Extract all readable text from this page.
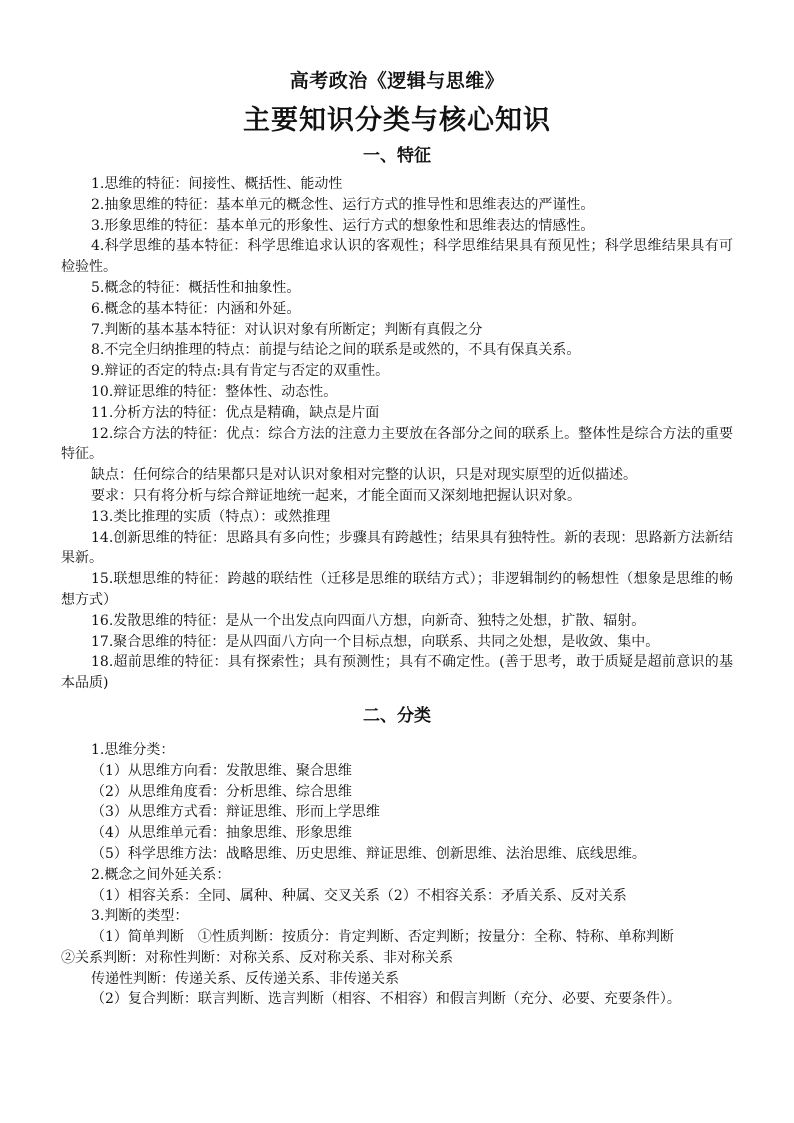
高考政治《逻辑与思维》
主要知识分类与核心知识
一、特征

1.思维的特征：间接性、概括性、能动性

2.抽象思维的特征：基本单元的概念性、运行方式的推导性和思维表达的严谨性。

3.形象思维的特征：基本单元的形象性、运行方式的想象性和思维表达的情感性。

4.科学思维的基本特征：科学思维追求认识的客观性；科学思维结果具有预见性；科学思维结果具有可检验性。

5.概念的特征：概括性和抽象性。

6.概念的基本特征：内涵和外延。

7.判断的基本基本特征：对认识对象有所断定；判断有真假之分

8.不完全归纳推理的特点：前提与结论之间的联系是或然的，不具有保真关系。

9.辩证的否定的特点:具有肯定与否定的双重性。

10.辩证思维的特征：整体性、动态性。

11.分析方法的特征：优点是精确，缺点是片面

12.综合方法的特征：优点：综合方法的注意力主要放在各部分之间的联系上。整体性是综合方法的重要特征。

缺点：任何综合的结果都只是对认识对象相对完整的认识，只是对现实原型的近似描述。

要求：只有将分析与综合辩证地统一起来，才能全面而又深刻地把握认识对象。

13.类比推理的实质（特点）：或然推理

14.创新思维的特征：思路具有多向性；步骤具有跨越性；结果具有独特性。新的表现：思路新方法新结果新。

15.联想思维的特征：跨越的联结性（迁移是思维的联结方式）；非逻辑制约的畅想性（想象是思维的畅想方式）

16.发散思维的特征：是从一个出发点向四面八方想，向新奇、独特之处想，扩散、辐射。

17.聚合思维的特征：是从四面八方向一个目标点想，向联系、共同之处想，是收敛、集中。

18.超前思维的特征：具有探索性；具有预测性；具有不确定性。(善于思考，敢于质疑是超前意识的基本品质)

二、分类

1.思维分类：

（1）从思维方向看：发散思维、聚合思维

（2）从思维角度看：分析思维、综合思维

（3）从思维方式看：辩证思维、形而上学思维

（4）从思维单元看：抽象思维、形象思维

（5）科学思维方法：战略思维、历史思维、辩证思维、创新思维、法治思维、底线思维。

2.概念之间外延关系：

（1）相容关系：全同、属种、种属、交叉关系（2）不相容关系：矛盾关系、反对关系

3.判断的类型：

（1）简单判断　①性质判断：按质分：肯定判断、否定判断；按量分：全称、特称、单称判断

②关系判断：对称性判断：对称关系、反对称关系、非对称关系

传递性判断：传递关系、反传递关系、非传递关系

（2）复合判断：联言判断、选言判断（相容、不相容）和假言判断（充分、必要、充要条件）。
